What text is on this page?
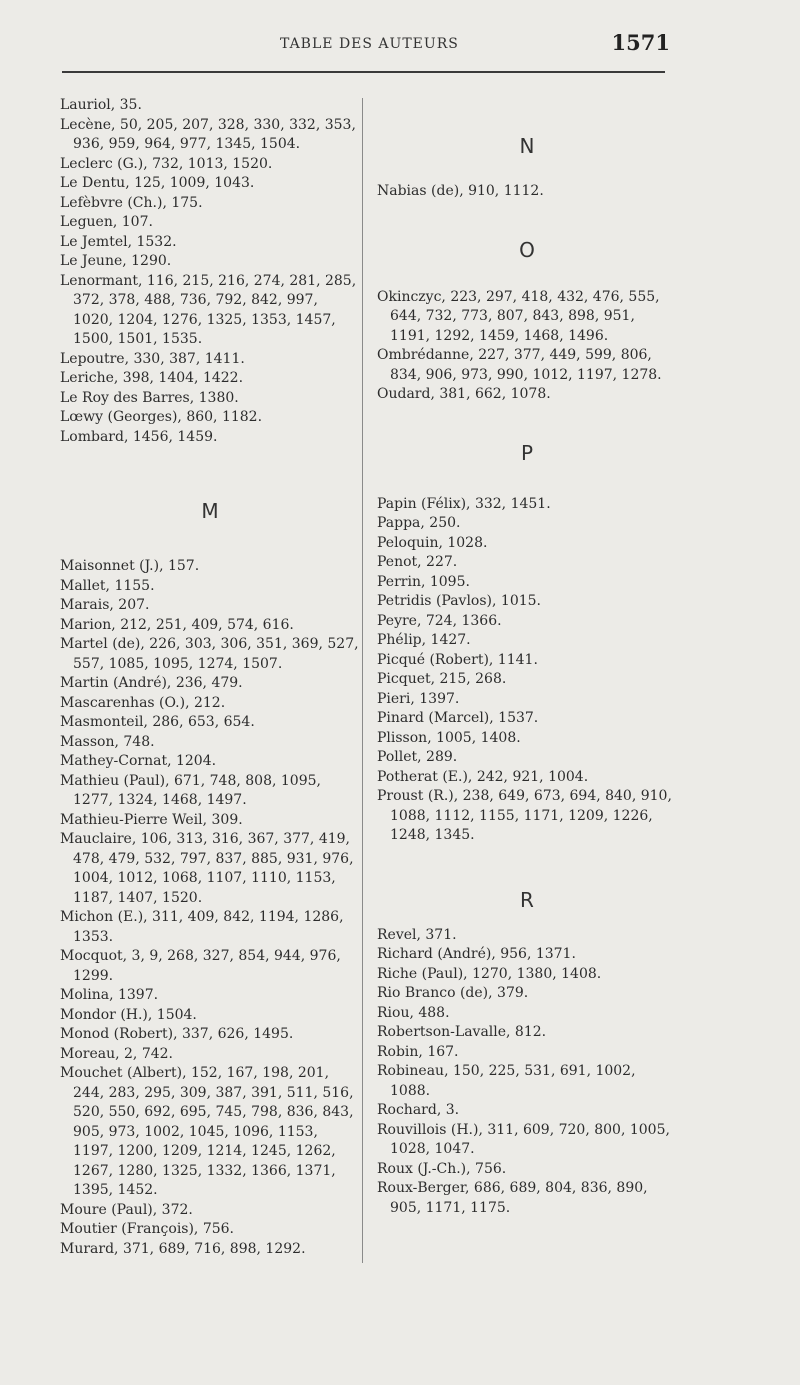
TABLE DES AUTEURS	1571
Lauriol, 35.
Lecène, 50, 205, 207, 328, 330, 332, 353, 936, 959, 964, 977, 1345, 1504.
Leclerc (G.), 732, 1013, 1520.
Le Dentu, 125, 1009, 1043.
Lefèbvre (Ch.), 175.
Leguen, 107.
Le Jemtel, 1532.
Le Jeune, 1290.
Lenormant, 116, 215, 216, 274, 281, 285, 372, 378, 488, 736, 792, 842, 997, 1020, 1204, 1276, 1325, 1353, 1457, 1500, 1501, 1535.
Lepoutre, 330, 387, 1411.
Leriche, 398, 1404, 1422.
Le Roy des Barres, 1380.
Lœwy (Georges), 860, 1182.
Lombard, 1456, 1459.
M
Maisonnet (J.), 157.
Mallet, 1155.
Marais, 207.
Marion, 212, 251, 409, 574, 616.
Martel (de), 226, 303, 306, 351, 369, 527, 557, 1085, 1095, 1274, 1507.
Martin (André), 236, 479.
Mascarenhas (O.), 212.
Masmonteil, 286, 653, 654.
Masson, 748.
Mathey-Cornat, 1204.
Mathieu (Paul), 671, 748, 808, 1095, 1277, 1324, 1468, 1497.
Mathieu-Pierre Weil, 309.
Mauclaire, 106, 313, 316, 367, 377, 419, 478, 479, 532, 797, 837, 885, 931, 976, 1004, 1012, 1068, 1107, 1110, 1153, 1187, 1407, 1520.
Michon (E.), 311, 409, 842, 1194, 1286, 1353.
Mocquot, 3, 9, 268, 327, 854, 944, 976, 1299.
Molina, 1397.
Mondor (H.), 1504.
Monod (Robert), 337, 626, 1495.
Moreau, 2, 742.
Mouchet (Albert), 152, 167, 198, 201, 244, 283, 295, 309, 387, 391, 511, 516, 520, 550, 692, 695, 745, 798, 836, 843, 905, 973, 1002, 1045, 1096, 1153, 1197, 1200, 1209, 1214, 1245, 1262, 1267, 1280, 1325, 1332, 1366, 1371, 1395, 1452.
Moure (Paul), 372.
Moutier (François), 756.
Murard, 371, 689, 716, 898, 1292.
N
Nabias (de), 910, 1112.
O
Okinczyc, 223, 297, 418, 432, 476, 555, 644, 732, 773, 807, 843, 898, 951, 1191, 1292, 1459, 1468, 1496.
Ombrédanne, 227, 377, 449, 599, 806, 834, 906, 973, 990, 1012, 1197, 1278.
Oudard, 381, 662, 1078.
P
Papin (Félix), 332, 1451.
Pappa, 250.
Peloquin, 1028.
Penot, 227.
Perrin, 1095.
Petridis (Pavlos), 1015.
Peyre, 724, 1366.
Phélip, 1427.
Picqué (Robert), 1141.
Picquet, 215, 268.
Pieri, 1397.
Pinard (Marcel), 1537.
Plisson, 1005, 1408.
Pollet, 289.
Potherat (E.), 242, 921, 1004.
Proust (R.), 238, 649, 673, 694, 840, 910, 1088, 1112, 1155, 1171, 1209, 1226, 1248, 1345.
R
Revel, 371.
Richard (André), 956, 1371.
Riche (Paul), 1270, 1380, 1408.
Rio Branco (de), 379.
Riou, 488.
Robertson-Lavalle, 812.
Robin, 167.
Robineau, 150, 225, 531, 691, 1002, 1088.
Rochard, 3.
Rouvillois (H.), 311, 609, 720, 800, 1005, 1028, 1047.
Roux (J.-Ch.), 756.
Roux-Berger, 686, 689, 804, 836, 890, 905, 1171, 1175.
